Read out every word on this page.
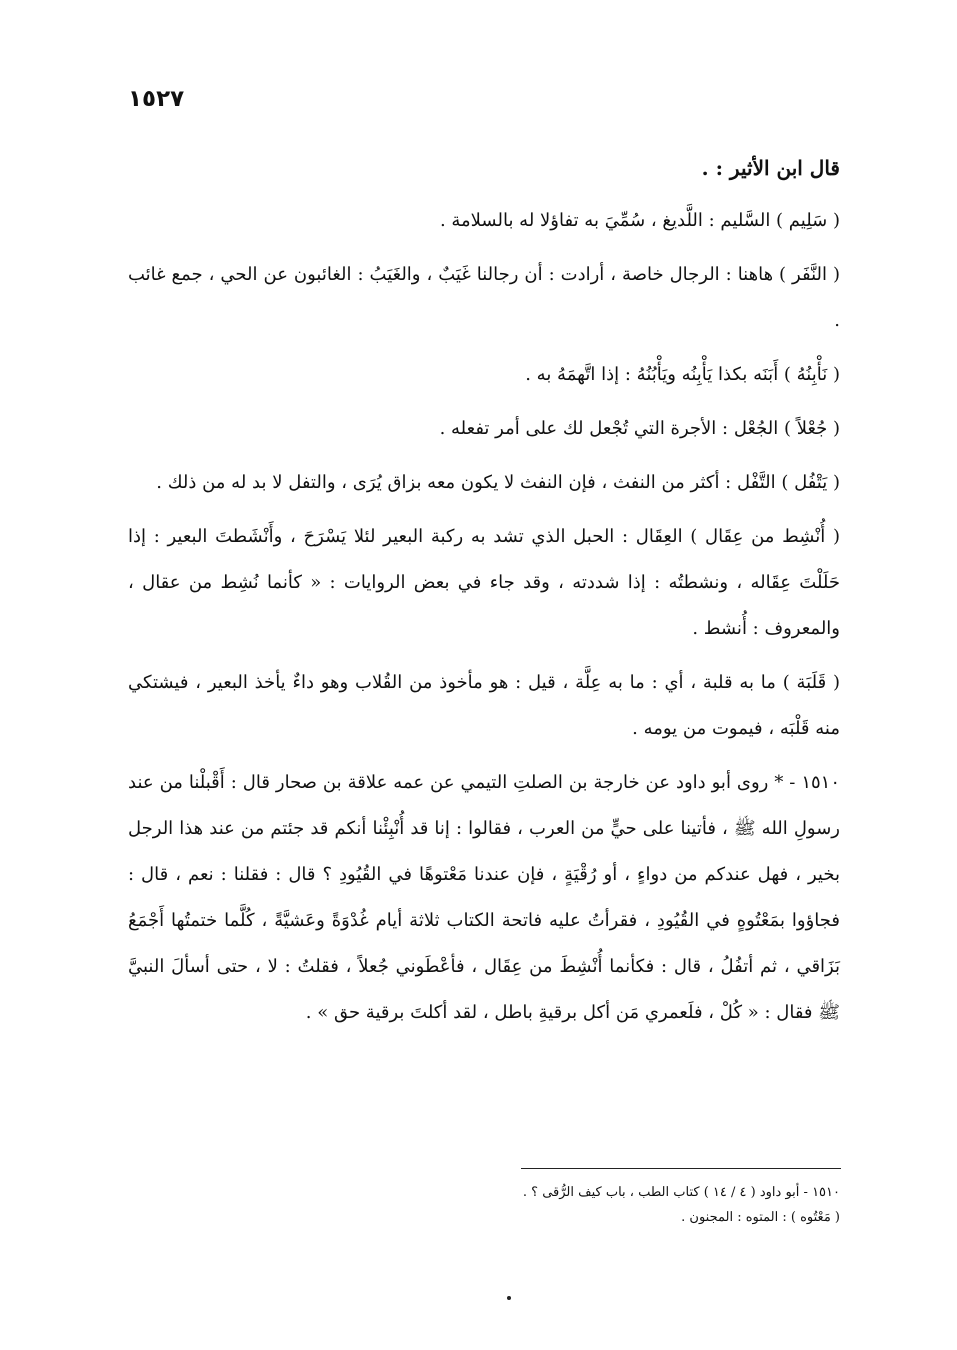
١٥٢٧
قال ابن الأثير : .

( سَلِيم ) السَّليم : اللَّديغ ، سُمِّيَ به تفاؤلا له بالسلامة .

( النَّفَر ) هاهنا : الرجال خاصة ، أرادت : أن رجالنا غَيَبٌ ، والغَيَبُ : الغائبون عن الحي ، جمع غائب .

( نَأْبِنُهُ ) أَبَنَه بكذا يَأْبِنُه ويَأْبُنُهُ : إذا اتَّهمَهُ به .

( جُعْلاً ) الجُعْل : الأجرة التي تُجْعل لك على أمر تفعله .

( يَتْفُل ) التَّفْل : أكثر من النفث ، فإن النفث لا يكون معه بزاق يُرَى ، والتفل لا بد له من ذلك .

( أُنْشِط من عِقَال ) العِقَال : الحبل الذي تشد به ركبة البعير لئلا يَسْرَحَ ، وأَنْشَطتَ البعير : إذا حَلَلْتَ عِقَاله ، ونشطتُه : إذا شددته ، وقد جاء في بعض الروايات : « كأنما نُشِط من عقال ، والمعروف : أُنشط .

( قَلَبَة ) ما به قلبة ، أي : ما به عِلَّة ، قيل : هو مأخوذ من القُلاب وهو داءٌ يأخذ البعير ، فيشتكي منه قَلْبَه ، فيموت من يومه .

١٥١٠ - * روى أبو داود عن خارجة بن الصلتِ التيمي عن عمه علاقة بن صحار قال : أَقْبلْنا من عند رسولِ الله ﷺ ، فأتينا على حيٍّ من العرب ، فقالوا : إنا قد أُنْبِئْنا أنكم قد جئتم من عند هذا الرجل بخير ، فهل عندكم من دواءٍ ، أو رُقْيَةٍ ، فإن عندنا مَعْتوهًا في القُيُودِ ؟ قال : فقلنا : نعم ، قال : فجاؤوا بمَعْتُوهٍ في القُيُودِ ، فقرأتُ عليه فاتحة الكتاب ثلاثة أيام غُدْوَةً وعَشيَّةً ، كُلَّما ختمتُها أَجْمَعُ بَزَاقي ، ثم أتفُلُ ، قال : فكأنما أُنْشِطَ من عِقَال ، فأعْطَوني جُعلاً ، فقلتُ : لا ، حتى أسألَ النبيَّ ﷺ فقال : « كُلْ ، فلَعمري مَن أكل برقيةِ باطل ، لقد أكلتَ برقية حق » .

١٥١٠ - أبو داود ( ٤ / ١٤ ) كتاب الطب ، باب كيف الرُّقى ؟ .

( مَعْتُوه ) : المتوه : المجنون .
